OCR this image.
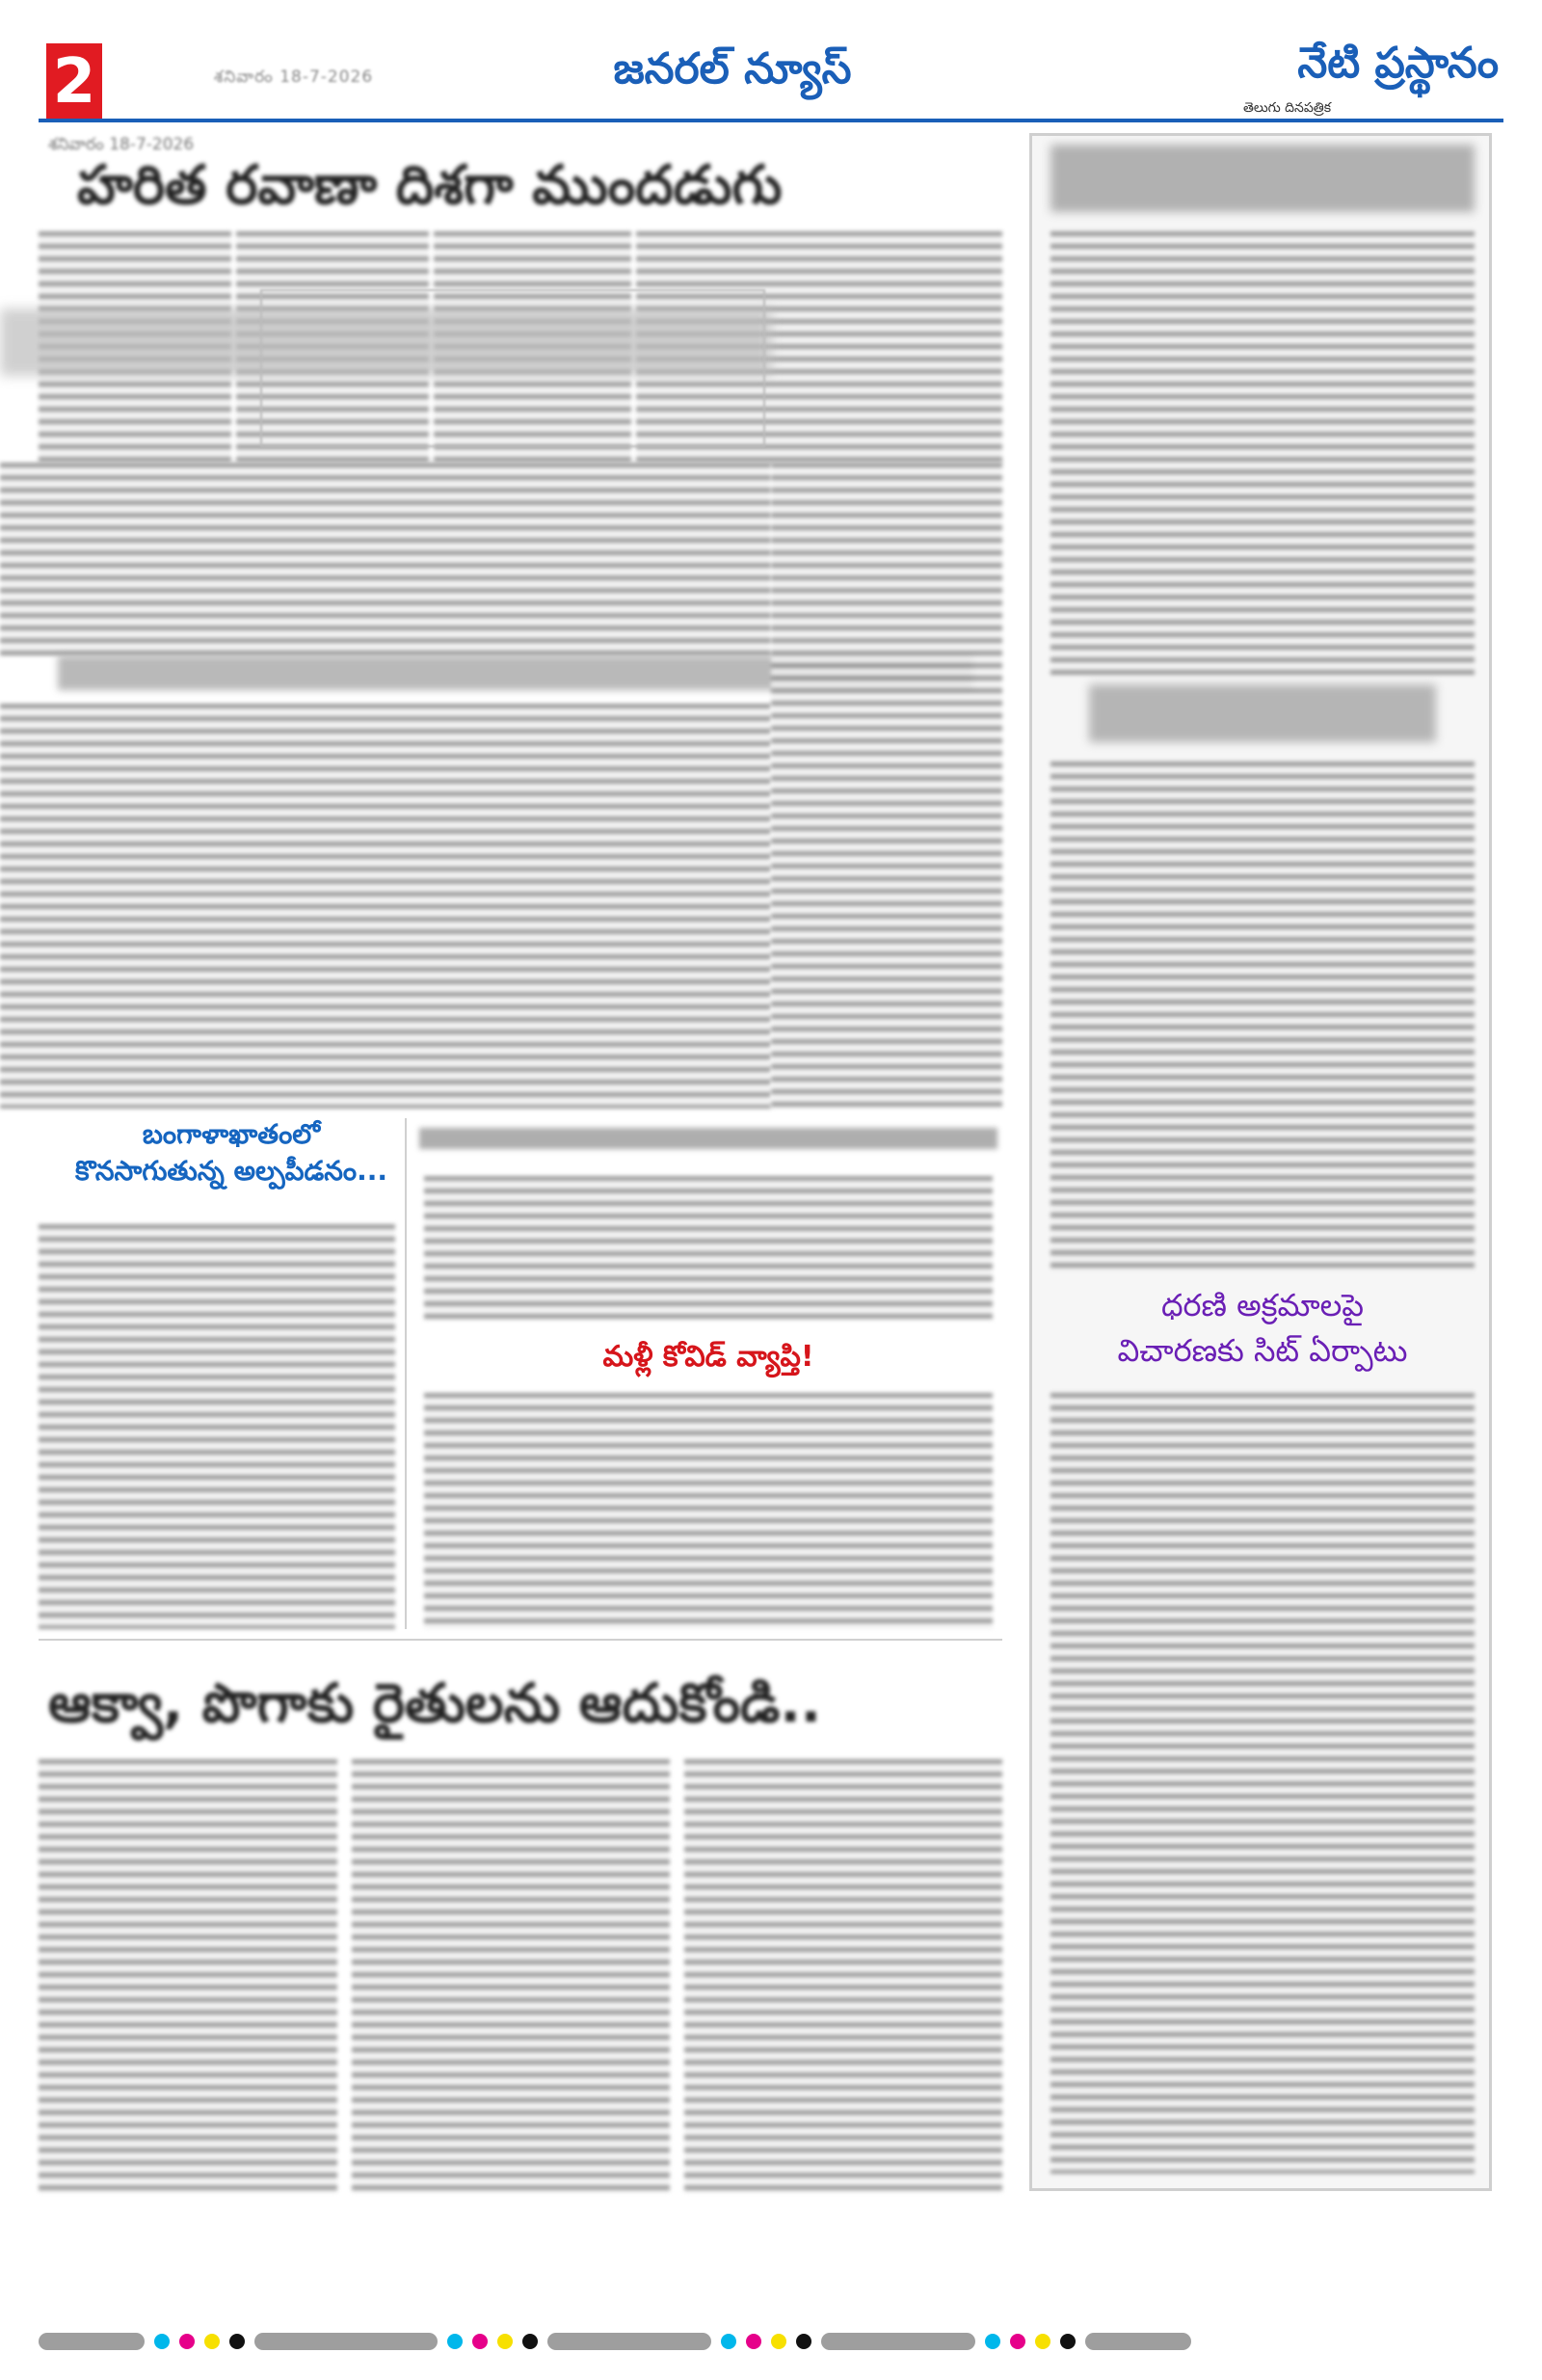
2	శనివారం 18-7-2026	జనరల్ న్యూస్	నేటి ప్రస్థానం
తెలుగు దినపత్రిక
శనివారం 18-7-2026
హరిత రవాణా దిశగా ముందడుగు
బంగాళాఖాతంలో
కొనసాగుతున్న అల్పపీడనం...
మళ్లీ కోవిడ్ వ్యాప్తి!
ఆక్వా, పొగాకు రైతులను ఆదుకోండి..
ధరణి అక్రమాలపై
విచారణకు సిట్ ఏర్పాటు
